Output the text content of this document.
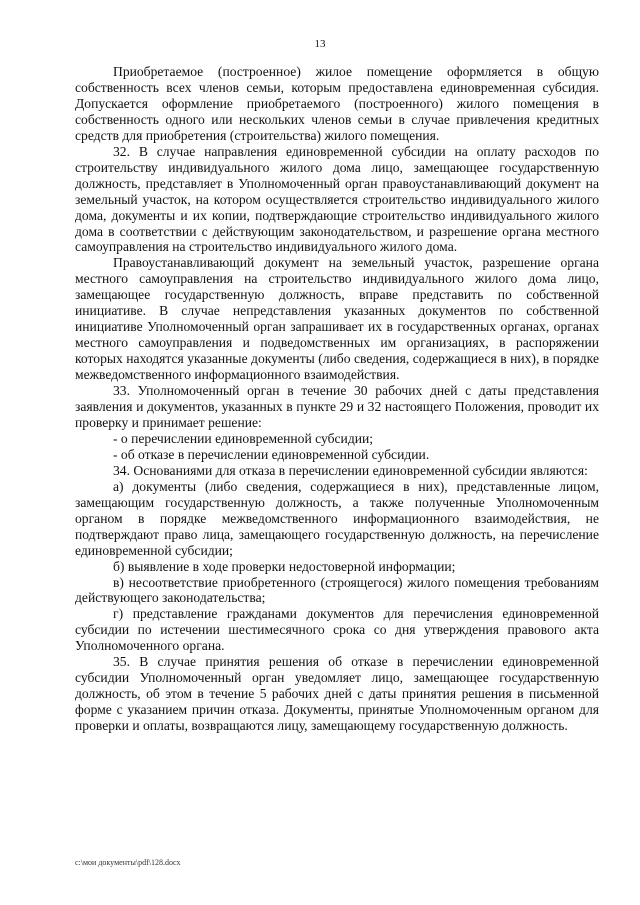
13

Приобретаемое (построенное) жилое помещение оформляется в общую собственность всех членов семьи, которым предоставлена единовременная субсидия. Допускается оформление приобретаемого (построенного) жилого помещения в собственность одного или нескольких членов семьи в случае привлечения кредитных средств для приобретения (строительства) жилого помещения.

32. В случае направления единовременной субсидии на оплату расходов по строительству индивидуального жилого дома лицо, замещающее государственную должность, представляет в Уполномоченный орган правоустанавливающий документ на земельный участок, на котором осуществляется строительство индивидуального жилого дома, документы и их копии, подтверждающие строительство индивидуального жилого дома в соответствии с действующим законодательством, и разрешение органа местного самоуправления на строительство индивидуального жилого дома.

Правоустанавливающий документ на земельный участок, разрешение органа местного самоуправления на строительство индивидуального жилого дома лицо, замещающее государственную должность, вправе представить по собственной инициативе. В случае непредставления указанных документов по собственной инициативе Уполномоченный орган запрашивает их в государственных органах, органах местного самоуправления и подведомственных им организациях, в распоряжении которых находятся указанные документы (либо сведения, содержащиеся в них), в порядке межведомственного информационного взаимодействия.

33. Уполномоченный орган в течение 30 рабочих дней с даты представления заявления и документов, указанных в пункте 29 и 32 настоящего Положения, проводит их проверку и принимает решение:

- о перечислении единовременной субсидии;

- об отказе в перечислении единовременной субсидии.

34. Основаниями для отказа в перечислении единовременной субсидии являются:

а) документы (либо сведения, содержащиеся в них), представленные лицом, замещающим государственную должность, а также полученные Уполномоченным органом в порядке межведомственного информационного взаимодействия, не подтверждают право лица, замещающего государственную должность, на перечисление единовременной субсидии;

б) выявление в ходе проверки недостоверной информации;

в) несоответствие приобретенного (строящегося) жилого помещения требованиям действующего законодательства;

г) представление гражданами документов для перечисления единовременной субсидии по истечении шестимесячного срока со дня утверждения правового акта Уполномоченного органа.

35. В случае принятия решения об отказе в перечислении единовременной субсидии Уполномоченный орган уведомляет лицо, замещающее государственную должность, об этом в течение 5 рабочих дней с даты принятия решения в письменной форме с указанием причин отказа. Документы, принятые Уполномоченным органом для проверки и оплаты, возвращаются лицу, замещающему государственную должность.

c:\мои документы\pdf\128.docx
